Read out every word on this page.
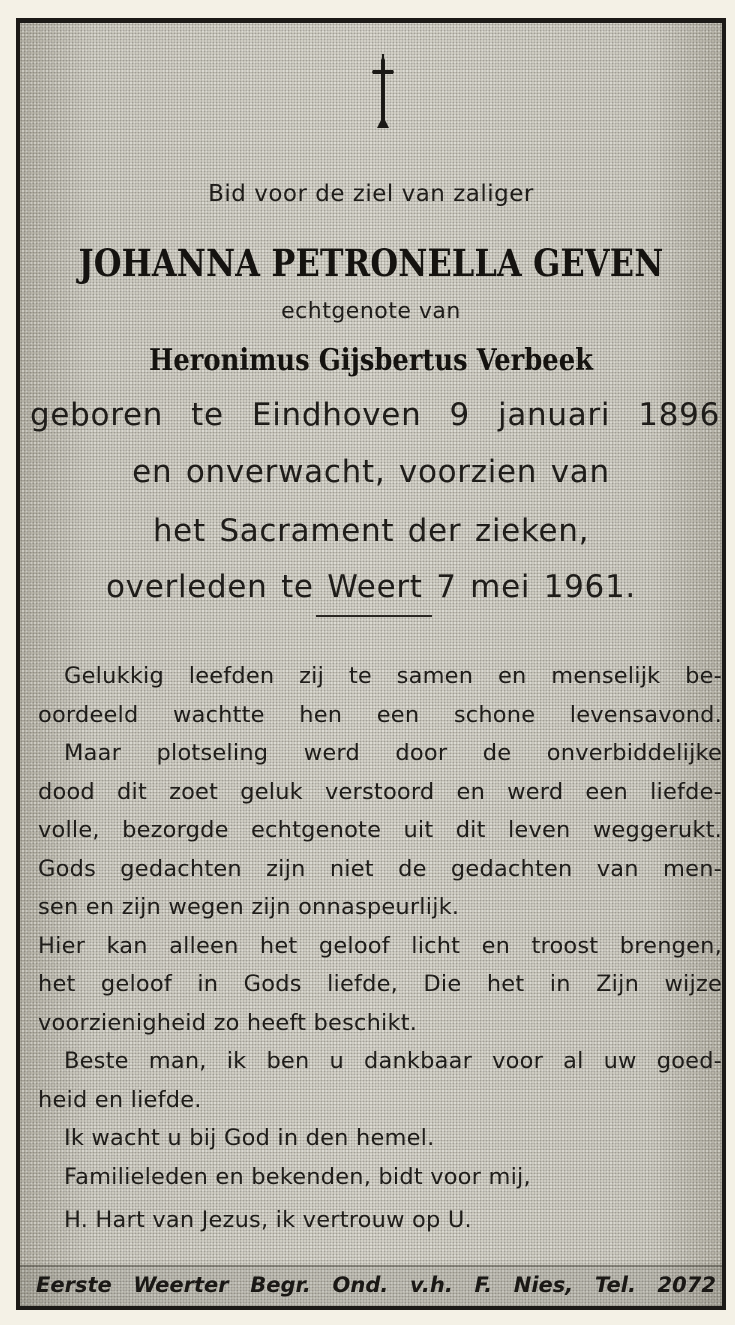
Bid voor de ziel van zaliger
JOHANNA PETRONELLA GEVEN
echtgenote van
Heronimus Gijsbertus Verbeek
geboren te Eindhoven 9 januari 1896
en onverwacht, voorzien van
het Sacrament der zieken,
overleden te Weert 7 mei 1961.
Gelukkig leefden zij te samen en menselijk be-
oordeeld wachtte hen een schone levensavond.
Maar plotseling werd door de onverbiddelijke
dood dit zoet geluk verstoord en werd een liefde-
volle, bezorgde echtgenote uit dit leven weggerukt.
Gods gedachten zijn niet de gedachten van men-
sen en zijn wegen zijn onnaspeurlijk.
Hier kan alleen het geloof licht en troost brengen,
het geloof in Gods liefde, Die het in Zijn wijze
voorzienigheid zo heeft beschikt.
Beste man, ik ben u dankbaar voor al uw goed-
heid en liefde.
Ik wacht u bij God in den hemel.
Familieleden en bekenden, bidt voor mij,
H. Hart van Jezus, ik vertrouw op U.
Eerste Weerter Begr. Ond. v.h. F. Nies, Tel. 2072
